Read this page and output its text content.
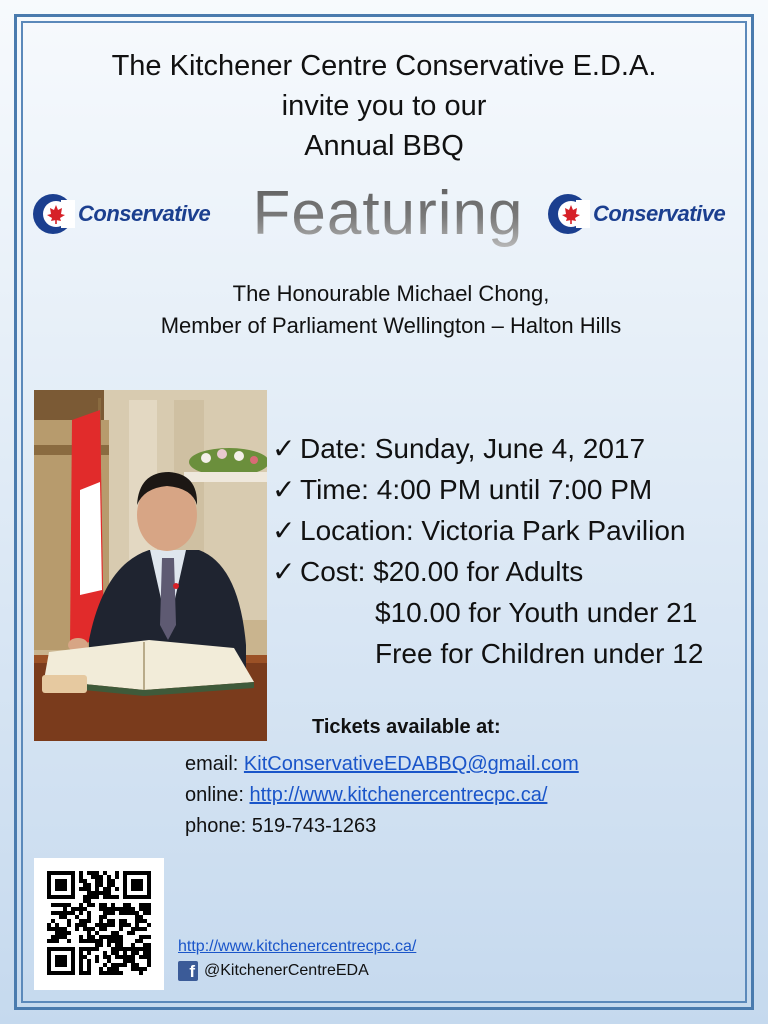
The Kitchener Centre Conservative E.D.A.
invite you to our
Annual BBQ
Conservative Featuring	Conservative
The Honourable Michael Chong,
Member of Parliament Wellington – Halton Hills
✓ Date: Sunday, June 4, 2017
✓ Time: 4:00 PM until 7:00 PM
✓ Location: Victoria Park Pavilion
✓ Cost: $20.00 for Adults
$10.00 for Youth under 21
Free for Children under 12
Tickets available at:
email: KitConservativeEDABBQ@gmail.com
online: http://www.kitchenercentrecpc.ca/
phone: 519-743-1263
http://www.kitchenercentrecpc.ca/
f @KitchenerCentreEDA
